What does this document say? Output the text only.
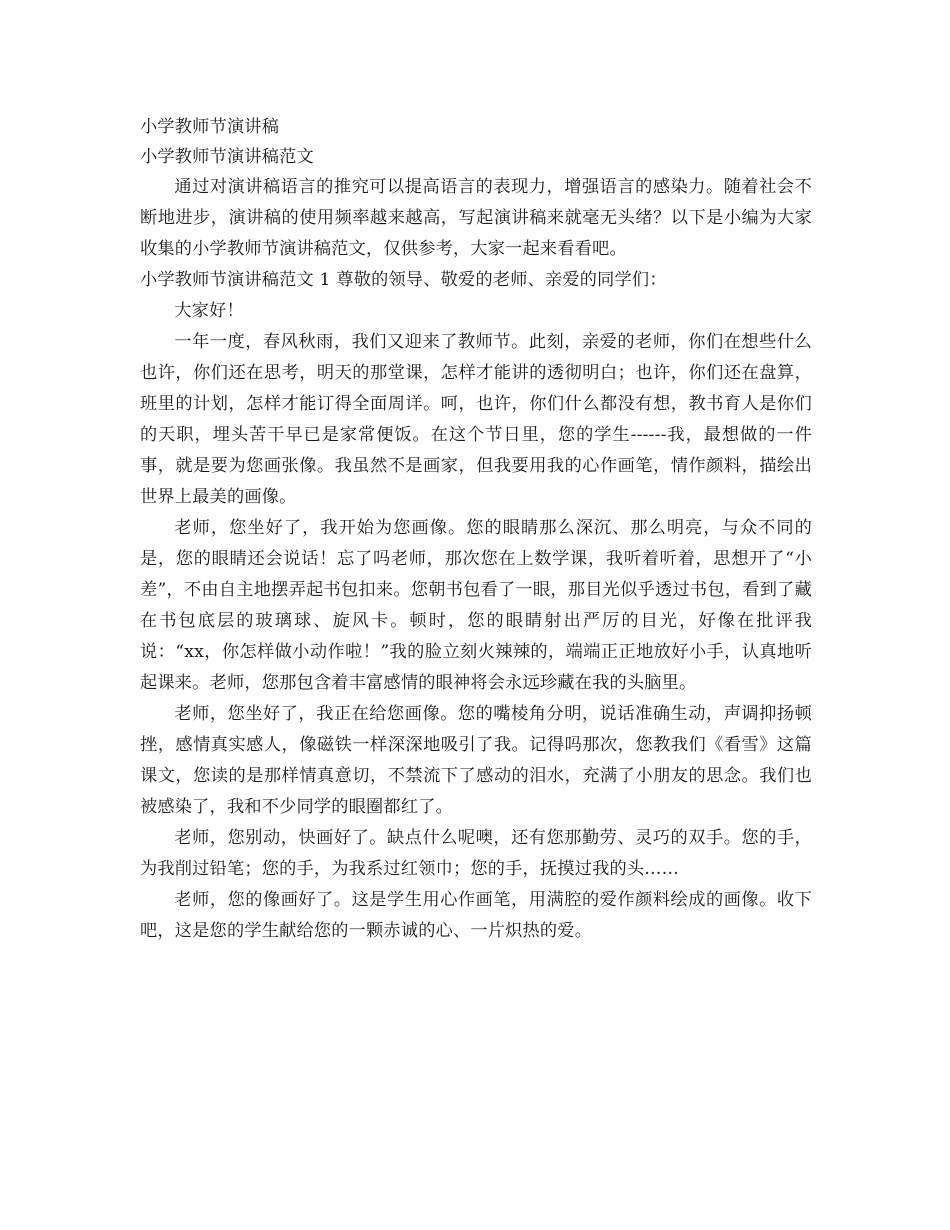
小学教师节演讲稿

小学教师节演讲稿范文

通过对演讲稿语言的推究可以提高语言的表现力，增强语言的感染力。随着社会不断地进步，演讲稿的使用频率越来越高，写起演讲稿来就毫无头绪？以下是小编为大家收集的小学教师节演讲稿范文，仅供参考，大家一起来看看吧。

小学教师节演讲稿范文 1 尊敬的领导、敬爱的老师、亲爱的同学们：

大家好！

一年一度，春风秋雨，我们又迎来了教师节。此刻，亲爱的老师，你们在想些什么也许，你们还在思考，明天的那堂课，怎样才能讲的透彻明白；也许，你们还在盘算，班里的计划，怎样才能订得全面周详。呵，也许，你们什么都没有想，教书育人是你们的天职，埋头苦干早已是家常便饭。在这个节日里，您的学生------我，最想做的一件事，就是要为您画张像。我虽然不是画家，但我要用我的心作画笔，情作颜料，描绘出世界上最美的画像。

老师，您坐好了，我开始为您画像。您的眼睛那么深沉、那么明亮，与众不同的是，您的眼睛还会说话！忘了吗老师，那次您在上数学课，我听着听着，思想开了“小差”，不由自主地摆弄起书包扣来。您朝书包看了一眼，那目光似乎透过书包，看到了藏在书包底层的玻璃球、旋风卡。顿时，您的眼睛射出严厉的目光，好像在批评我说：“xx，你怎样做小动作啦！”我的脸立刻火辣辣的，端端正正地放好小手，认真地听起课来。老师，您那包含着丰富感情的眼神将会永远珍藏在我的头脑里。

老师，您坐好了，我正在给您画像。您的嘴棱角分明，说话准确生动，声调抑扬顿挫，感情真实感人，像磁铁一样深深地吸引了我。记得吗那次，您教我们《看雪》这篇课文，您读的是那样情真意切，不禁流下了感动的泪水，充满了小朋友的思念。我们也被感染了，我和不少同学的眼圈都红了。

老师，您别动，快画好了。缺点什么呢噢，还有您那勤劳、灵巧的双手。您的手，为我削过铅笔；您的手，为我系过红领巾；您的手，抚摸过我的头……

老师，您的像画好了。这是学生用心作画笔，用满腔的爱作颜料绘成的画像。收下吧，这是您的学生献给您的一颗赤诚的心、一片炽热的爱。
